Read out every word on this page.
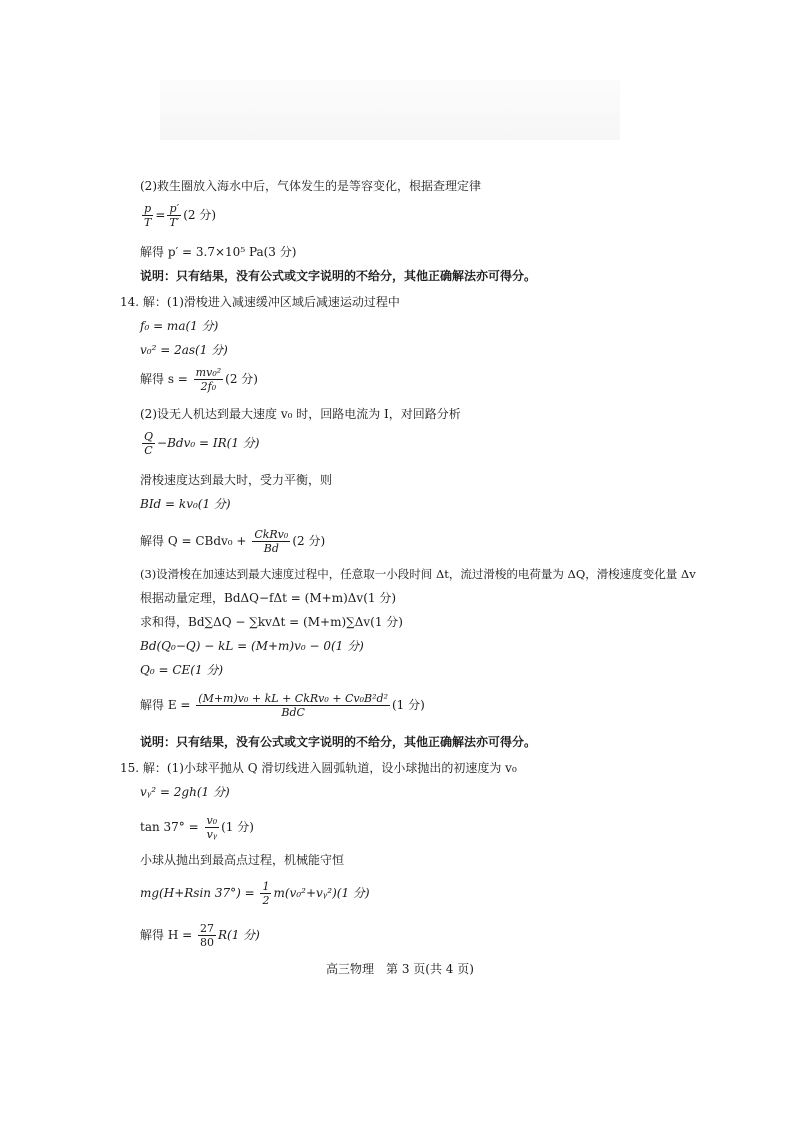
(2)救生圈放入海水中后，气体发生的是等容变化，根据查理定律
$\frac{p}{T} = \frac{p'}{T'} (2$ 分)
解得 p′ = 3.7×10⁵ Pa(3 分)
说明：只有结果，没有公式或文字说明的不给分，其他正确解法亦可得分。
14. 解：(1)滑梭进入减速缓冲区域后减速运动过程中
f₀ = ma(1 分)
v₀² = 2as(1 分)
解得 $s = \frac{\text{mv₀²}}{\text{2f₀}} (2$ 分)
(2)设无人机达到最大速度 v₀ 时，回路电流为 I，对回路分析
$\frac{Q}{C} -Bdv_0 = IR(1$ 分)
滑梭速度达到最大时，受力平衡，则
BId = kv₀(1 分)
解得 Q = CBdv₀ + $\frac{\text{CkRv₀}}{Bd} (2$ 分)
(3)设滑梭在加速达到最大速度过程中，任意取一小段时间 Δt，流过滑梭的电荷量为 ΔQ，滑梭速度变化量 Δv
根据动量定理，BdΔQ−fΔt = (M+m)Δv(1 分)
求和得，Bd∑ΔQ − ∑kvΔt = (M+m)∑Δv(1 分)
Bd(Q₀−Q) − kL = (M+m)v₀ − 0(1 分)
Q₀ = CE(1 分)
解得 $E = \frac{\text{(M+m)v₀ + kL + CkRv₀ + Cv₀B²d²}}{\text{BdC}} (1$ 分)
说明：只有结果，没有公式或文字说明的不给分，其他正确解法亦可得分。
15. 解：(1)小球平抛从 Q 滑切线进入圆弧轨道，设小球抛出的初速度为 v₀
vᵧ² = 2gh(1 分)
$\tan 37^\circ = \frac{\text{v₀}}{\text{vᵧ}} (1$ 分)
小球从抛出到最高点过程，机械能守恒
mg(H+Rsin $37^\circ) = \frac{1}{2}$ m(v₀²+vᵧ²)(1 分)
解得 $H = \frac{27}{80} R(1$ 分)
高三物理　第 3 页(共 4 页)
